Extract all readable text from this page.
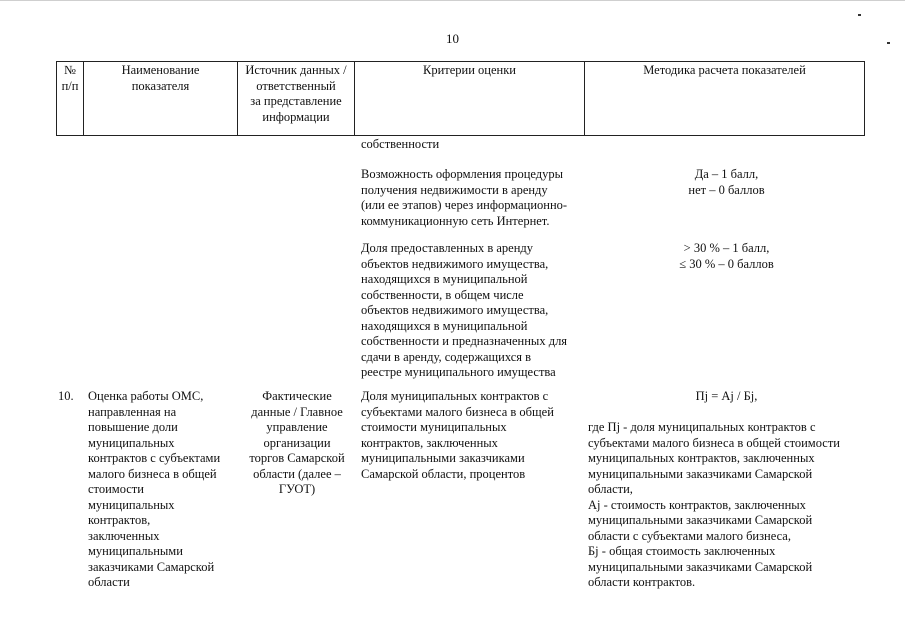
10
№
п/п
Наименование
показателя
Источник данных /
ответственный
за представление
информации
Критерии оценки	Методика расчета показателей
собственности
Возможность оформления процедуры
получения недвижимости в аренду
(или ее этапов) через информационно-
коммуникационную сеть Интернет.
Да – 1 балл,
нет – 0 баллов
Доля предоставленных в аренду
объектов недвижимого имущества,
находящихся в муниципальной
собственности, в общем числе
объектов недвижимого имущества,
находящихся в муниципальной
собственности и предназначенных для
сдачи в аренду, содержащихся в
реестре муниципального имущества
> 30 % – 1 балл,
≤ 30 % – 0 баллов
10. Оценка работы ОМС,
направленная на
повышение доли
муниципальных
контрактов с субъектами
малого бизнеса в общей
стоимости
муниципальных
контрактов,
заключенных
муниципальными
заказчиками Самарской
области
Фактические
данные / Главное
управление
организации
торгов Самарской
области (далее –
ГУОТ)
Доля муниципальных контрактов с
субъектами малого бизнеса в общей
стоимости муниципальных
контрактов, заключенных
муниципальными заказчиками
Самарской области, процентов
Пј = Ај / Бј,
где Пј - доля муниципальных контрактов с
субъектами малого бизнеса в общей стоимости
муниципальных контрактов, заключенных
муниципальными заказчиками Самарской
области,
Ај - стоимость контрактов, заключенных
муниципальными заказчиками Самарской
области с субъектами малого бизнеса,
Бј - общая стоимость заключенных
муниципальными заказчиками Самарской
области контрактов.
